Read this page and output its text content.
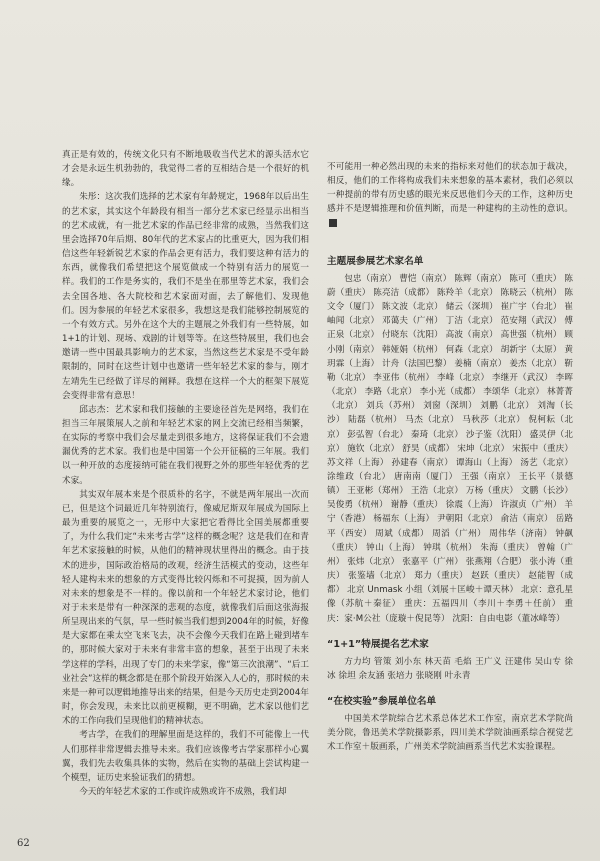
真正是有效的，传统文化只有不断地吸收当代艺术的源头活水它才会是永远生机勃勃的，我觉得二者的互相结合是一个很好的机缘。

朱彤：这次我们选择的艺术家有年龄规定，1968年以后出生的艺术家，其实这个年龄段有相当一部分艺术家已经显示出相当的艺术成就，有一批艺术家的作品已经非常的成熟，当然我们这里会选择70年后期、80年代的艺术家占的比重更大，因为我们相信这些年轻新锐艺术家的作品会更有活力，我们要这种有活力的东西，就像我们希望把这个展览做成一个特别有活力的展览一样。我们的工作是务实的，我们不是坐在那里等艺术家，我们会去全国各地、各大院校和艺术家面对面，去了解他们、发现他们。因为参展的年轻艺术家很多，我想这是我们能够控制展览的一个有效方式。另外在这个大的主题展之外我们有一些特展，如1+1的计划、现场、戏剧的计划等等。在这些特展里，我们也会邀请一些中国最具影响力的艺术家，当然这些艺术家是不受年龄限制的，同时在这些计划中也邀请一些年轻艺术家的参与，刚才左靖先生已经做了详尽的阐释。我想在这样一个大的框架下展览会变得非常有意思！

邱志杰：艺术家和我们接触的主要途径首先是网络，我们在担当三年展策展人之前和年轻艺术家的网上交流已经相当频繁，在实际的考察中我们会尽量走到很多地方，这将保证我们不会遗漏优秀的艺术家。我们也是中国第一个公开征稿的三年展。我们以一种开放的态度接纳可能在我们视野之外的那些年轻优秀的艺术家。

其实双年展本来是个很质朴的名字，不就是两年展出一次而已，但是这个词最近几年特别流行，像威尼斯双年展成为国际上最为重要的展览之一，无形中大家把它看得比全国美展都重要了，为什么我们定“未来考古学”这样的概念呢？这是我们在和青年艺术家接触的时候，从他们的精神现状里得出的概念。由于技术的进步，国际政治格局的改观，经济生活模式的变动，这些年轻人建构未来的想象的方式变得比较闪烁和不可捉摸，因为前人对未来的想象是不一样的。像以前和一个年轻艺术家讨论，他们对于未来是带有一种深深的悲观的态度，就像我们后面这张海报所呈现出来的气氛，早一些时候当我们想到2004年的时候，好像是大家都在乘太空飞来飞去，决不会像今天我们在路上碰到堵车的，那时候大家对于未来有非常丰富的想象，甚至于出现了未来学这样的学科，出现了专门的未来学家，像“第三次浪潮”、“后工业社会”这样的概念都是在那个阶段开始深入人心的，那时候的未来是一种可以逻辑地推导出来的结果，但是今天历史走到2004年时，你会发现，未来比以前更模糊，更不明确，艺术家以他们艺术的工作向我们呈现他们的精神状态。

考古学，在我们的理解里面是这样的，我们不可能像上一代人们那样非常逻辑去推导未来。我们应该像考古学家那样小心翼翼，我们先去收集具体的实物，然后在实物的基础上尝试构建一个模型，证历史来验证我们的猜想。

今天的年轻艺术家的工作或许成熟或许不成熟，我们却

不可能用一种必然出现的未来的指标来对他们的状态加于裁决，相反，他们的工作将构成我们未来想象的基本素材，我们必须以一种提前的带有历史感的眼光来反思他们今天的工作，这种历史感并不是逻辑推理和价值判断，而是一种建构的主动性的意识。

主题展参展艺术家名单

包忠（南京） 曹恺（南京） 陈辉（南京） 陈可（重庆） 陈蔚（重庆） 陈亮洁（成都） 陈羚羊（北京） 陈晓云（杭州） 陈文令（厦门） 陈文波（北京） 储云（深圳） 崔广宇（台北） 崔岫闻（北京） 邓蔼夫（广州） 丁洁（北京） 范安翔（武汉） 傅正泉（北京） 付晓东（沈阳） 高波（南京） 高世强（杭州） 顾小刚（南京） 韩娅娟（杭州） 何森（北京） 胡新宇（太原） 黄玥霖（上海） 计舟（法国巴黎） 姜楠（南京） 姜杰（北京） 靳勒（北京） 李亚伟（杭州） 李峰（北京） 李继开（武汉） 李晖（北京） 李路（北京） 李小光（成都） 李颂华（北京） 林菁菁（北京） 刘兵（苏州） 刘窗（深圳） 刘鹏（北京） 刘淘（长沙） 陆磊（杭州） 马杰（北京） 马秋莎（北京） 倪柯耘（北京） 彭弘智（台北） 秦琦（北京） 沙子鉴（沈阳） 盛灵伊（北京） 施钦（北京） 舒昊（成都） 宋坤（北京） 宋振中（重庆） 苏文祥（上海） 孙建春（南京） 谭海山（上海） 汤艺（北京） 涂维政（台北） 唐南南（厦门） 王强（南京） 王长平（景德镇） 王亚彬（郑州） 王浩（北京） 万杨（重庆） 文鹏（长沙） 吴俊勇（杭州） 谢静（重庆） 徐震（上海） 许淑贞（广州） 羊宁（香港） 杨福东（上海） 尹朝阳（北京） 俞洁（南京） 岳路平（西安） 周斌（成都） 周滔（广州） 周伟华（济南） 钟飙（重庆） 钟山（上海） 钟琪（杭州） 朱海（重庆） 曾翰（广州） 张炜（北京） 张嘉平（广州） 张燕翔（合肥） 张小涛（重庆） 张鉴墙（北京） 郑力（重庆） 赵跃（重庆） 赵能智（成都） 北京 Unmask 小组（刘展＋匡峻＋谭天林） 北京：意孔星像（苏航＋秦征） 重庆：五福四川（李川＋李勇＋任前） 重庆：家·M公社（庞璇＋倪昆等） 沈阳：自由电影（董冰峰等）

“1+1”特展提名艺术家

方力均 管策 刘小东 林天苗 毛焰 王广义 汪建伟 吴山专 徐冰 徐坦 余友涵 张培力 张晓刚 叶永青

“在校实验”参展单位名单

中国美术学院综合艺术系总体艺术工作室，南京艺术学院尚美分院，鲁迅美术学院摄影系，四川美术学院油画系综合视觉艺术工作室＋版画系，广州美术学院油画系当代艺术实验课程。

62
